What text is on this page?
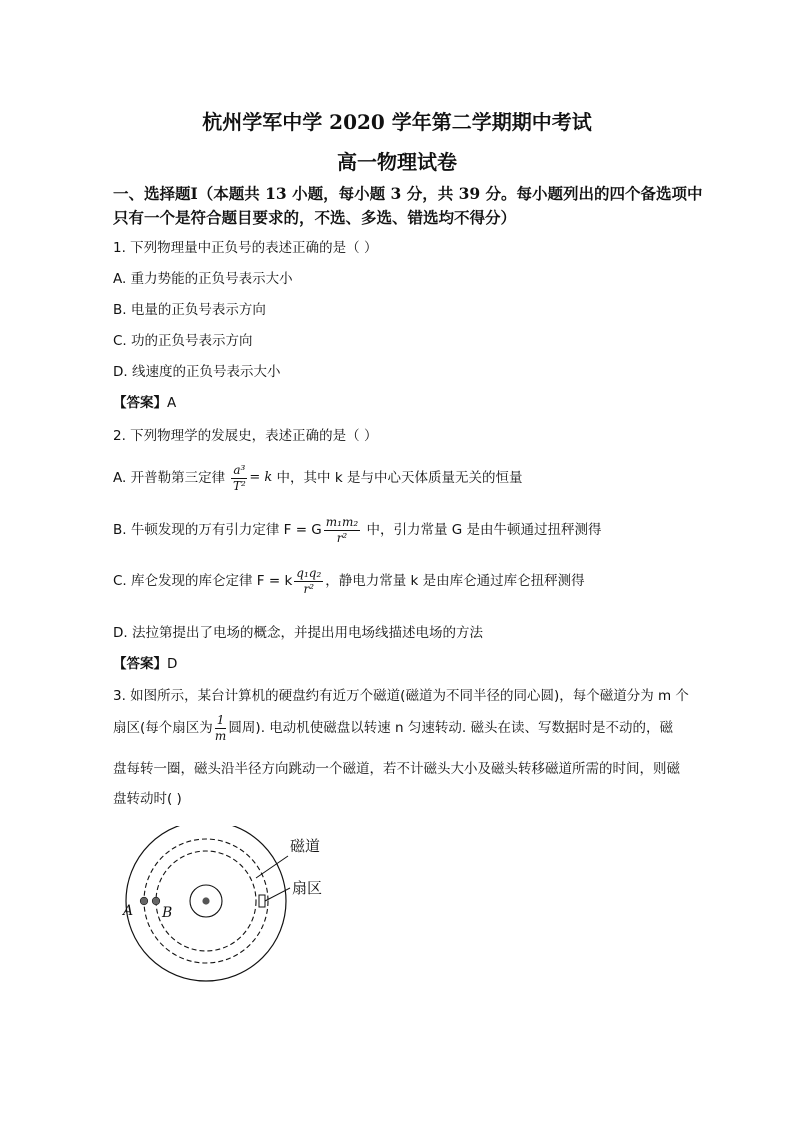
杭州学军中学 2020 学年第二学期期中考试
高一物理试卷
一、选择题Ⅰ（本题共 13 小题，每小题 3 分，共 39 分。每小题列出的四个备选项中
只有一个是符合题目要求的，不选、多选、错选均不得分）
1. 下列物理量中正负号的表述正确的是（ ）
A. 重力势能的正负号表示大小
B. 电量的正负号表示方向
C. 功的正负号表示方向
D. 线速度的正负号表示大小
【答案】A
2. 下列物理学的发展史，表述正确的是（ ）
A. 开普勒第三定律 $\frac{\text{a³}}{\text{T²}} = k$ 中，其中 k 是与中心天体质量无关的恒量
B. 牛顿发现的万有引力定律 F = G $\frac{\text{m₁m₂}}{\text{r²}}$ 中，引力常量 G 是由牛顿通过扭秤测得
C. 库仑发现的库仑定律 F = k $\frac{\text{q₁q₂}}{\text{r²}}$ ，静电力常量 k 是由库仑通过库仑扭秤测得
D. 法拉第提出了电场的概念，并提出用电场线描述电场的方法
【答案】D
3. 如图所示，某台计算机的硬盘约有近万个磁道(磁道为不同半径的同心圆)，每个磁道分为 m 个
扇区(每个扇区为 $\frac{1}{m}$ 圆周). 电动机使磁盘以转速 n 匀速转动. 磁头在读、写数据时是不动的，磁
盘每转一圈，磁头沿半径方向跳动一个磁道，若不计磁头大小及磁头转移磁道所需的时间，则磁
盘转动时( )
磁道
扇区
A B
